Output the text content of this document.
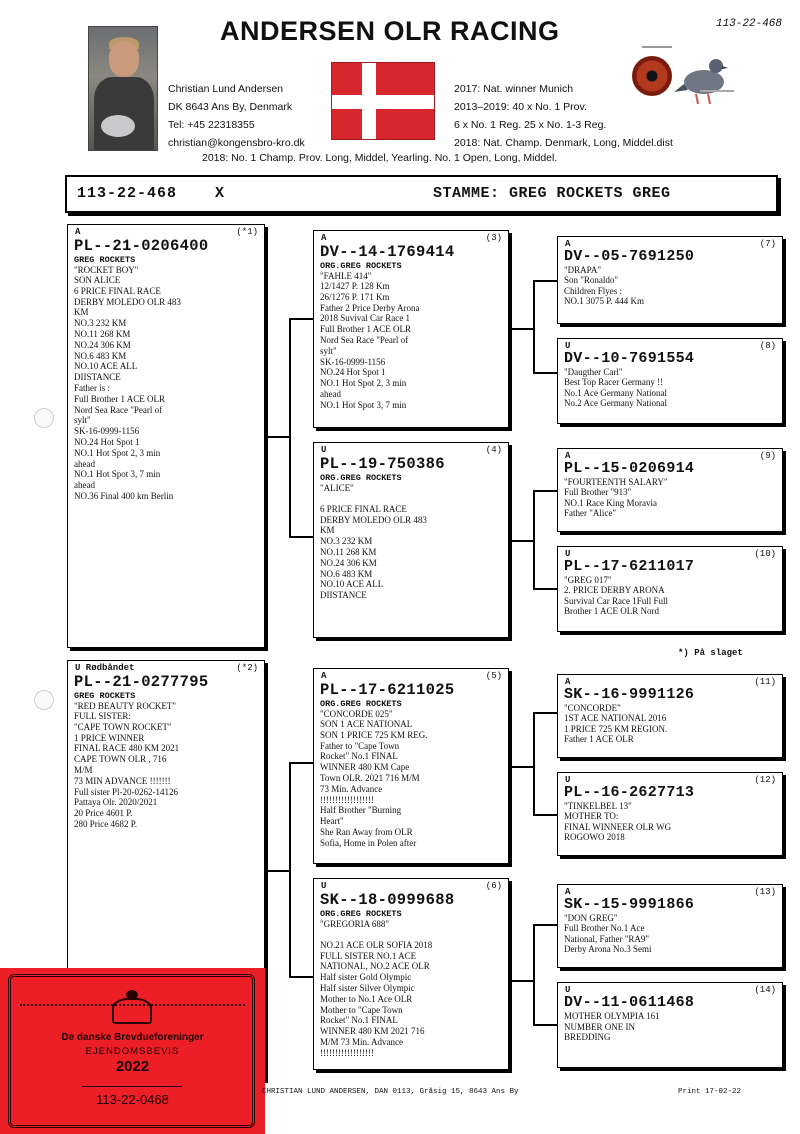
113-22-468
ANDERSEN OLR RACING
Christian Lund Andersen
DK 8643 Ans By, Denmark
Tel: +45 22318355
christian@kongensbro-kro.dk
2017: Nat. winner Munich
2013–2019: 40 x No. 1 Prov.
6 x No. 1 Reg. 25 x No. 1-3 Reg.
2018: Nat. Champ. Denmark, Long, Middel.dist
2018: No. 1 Champ. Prov. Long, Middel, Yearling. No. 1 Open, Long, Middel.
113-22-468	X	STAMME: GREG ROCKETS GREG
A	(*1)
PL--21-0206400
GREG ROCKETS
"ROCKET BOY"
SON ALICE
6 PRICE FINAL RACE
DERBY MOLEDO OLR 483
KM
NO.3 232 KM
NO.11 268 KM
NO.24 306 KM
NO.6 483 KM
NO.10 ACE ALL
DIISTANCE
Father is :
Full Brother 1 ACE OLR
Nord Sea Race "Pearl of
sylt"
SK-16-0999-1156
NO.24 Hot Spot 1
NO.1 Hot Spot 2, 3 min
ahead
NO.1 Hot Spot 3, 7 min
ahead
NO.36 Final 400 km Berlin
U Rødbåndet	(*2)
PL--21-0277795
GREG ROCKETS
"RED BEAUTY ROCKET"
FULL SISTER:
"CAPE TOWN ROCKET"
1 PRICE WINNER
FINAL RACE 480 KM 2021
CAPE TOWN OLR , 716
M/M
73 MIN ADVANCE !!!!!!!
Full sister Pl-20-0262-14126
Pattaya Olr. 2020/2021
20 Price 4601 P.
280 Price 4682 P.
A	(3)
DV--14-1769414
ORG.GREG ROCKETS
"FAHLE 414"
12/1427 P. 128 Km
26/1276 P. 171 Km
Father 2 Price Derby Arona
2018 Suvival Car Race 1
Full Brother 1 ACE OLR
Nord Sea Race "Pearl of
sylt"
SK-16-0999-1156
NO.24 Hot Spot 1
NO.1 Hot Spot 2, 3 min
ahead
NO.1 Hot Spot 3, 7 min
U	(4)
PL--19-750386
ORG.GREG ROCKETS
"ALICE"

6 PRICE FINAL RACE
DERBY MOLEDO OLR 483
KM
NO.3 232 KM
NO.11 268 KM
NO.24 306 KM
NO.6 483 KM
NO.10 ACE ALL
DIISTANCE
A	(5)
PL--17-6211025
ORG.GREG ROCKETS
"CONCORDE 025"
SON 1 ACE NATIONAL
SON 1 PRICE 725 KM REG.
Father to "Cape Town
Rocket" No.1 FINAL
WINNER 480 KM Cape
Town OLR. 2021 716 M/M
73 Min. Advance
!!!!!!!!!!!!!!!!!!
Half Brother "Burning
Heart"
She Ran Away from OLR
Sofia, Home in Polen after
U	(6)
SK--18-0999688
ORG.GREG ROCKETS
"GREGORIA 688"

NO.21 ACE OLR SOFIA 2018
FULL SISTER NO.1 ACE
NATIONAL, NO.2 ACE OLR
Half sister Gold Olympic
Half sister Silver Olympic
Mother to No.1 Ace OLR
Mother to "Cape Town
Rocket" No.1 FINAL
WINNER 480 KM 2021 716
M/M 73 Min. Advance
!!!!!!!!!!!!!!!!!!
A	(7)
DV--05-7691250
"DRAPA"
Son "Ronaldo"
Children Flyes :
NO.1 3075 P. 444 Km
U	(8)
DV--10-7691554
"Daugther Carl"
Best Top Racer Germany !!
No.1 Ace Germany National
No.2 Ace Germany National
A	(9)
PL--15-0206914
"FOURTEENTH SALARY"
Full Brother "913"
NO.1 Race King Moravia
Father "Alice"
U	(10)
PL--17-6211017
"GREG 017"
2. PRICE DERBY ARONA
Survival Car Race 1Full Full
Brother 1 ACE OLR Nord
A	(11)
SK--16-9991126
"CONCORDE"
1ST ACE NATIONAL 2016
1 PRICE 725 KM REGION.
Father 1 ACE OLR
U	(12)
PL--16-2627713
"TINKELBEL 13"
MOTHER TO:
FINAL WINNEER OLR WG
ROGOWO 2018
A	(13)
SK--15-9991866
"DON GREG"
Full Brother No.1 Ace
National, Father "RA9"
Derby Arona No.3 Semi
U	(14)
DV--11-0611468
MOTHER OLYMPIA 161
NUMBER ONE IN
BREDDING
*) På slaget
De danske Brevdueforeninger
EJENDOMSBEVIS
2022
113-22-0468	CHRISTIAN LUND ANDERSEN, DAN 0113, Gråsig 15, 8643 Ans By	Print 17-02-22
